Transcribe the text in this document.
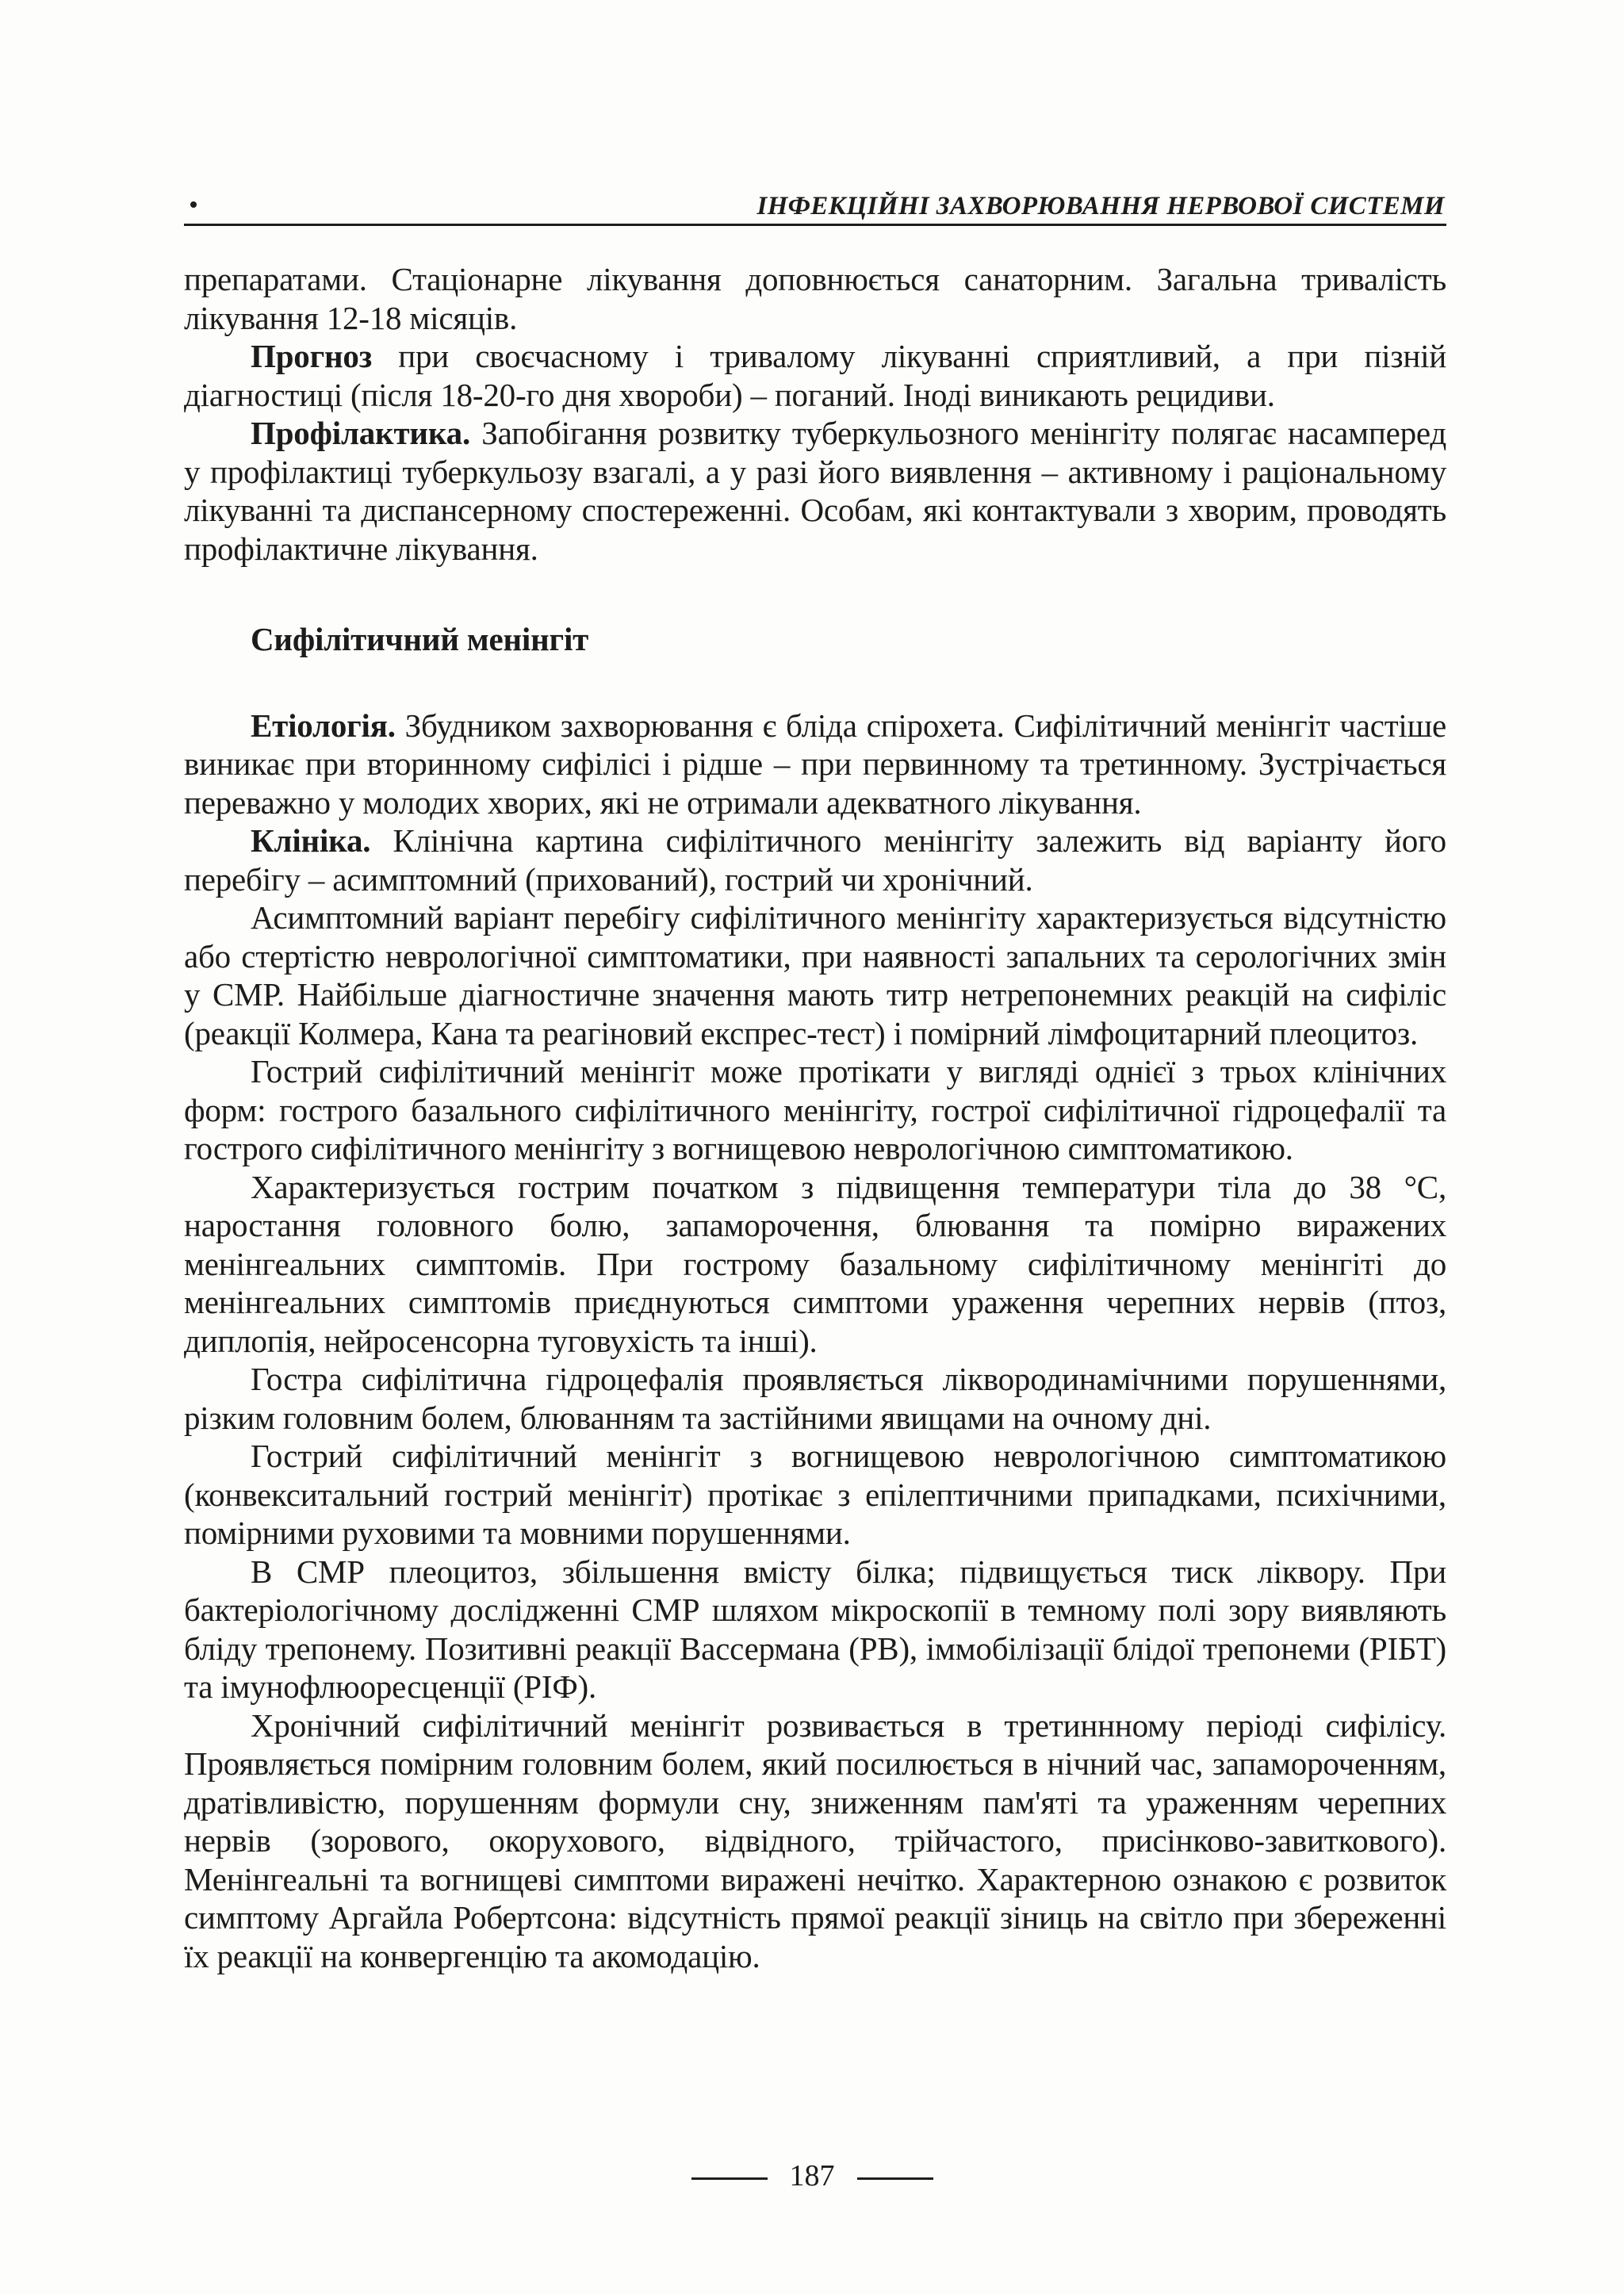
ІНФЕКЦІЙНІ ЗАХВОРЮВАННЯ НЕРВОВОЇ СИСТЕМИ

препаратами. Стаціонарне лікування доповнюється санаторним. Загальна тривалість лікування 12-18 місяців.

Прогноз при своєчасному і тривалому лікуванні сприятливий, а при пізній діагностиці (після 18-20-го дня хвороби) – поганий. Іноді виникають рецидиви.

Профілактика. Запобігання розвитку туберкульозного менінгіту полягає насамперед у профілактиці туберкульозу взагалі, а у разі його виявлення – активному і раціональному лікуванні та диспансерному спостереженні. Особам, які контактували з хворим, проводять профілактичне лікування.

Сифілітичний менінгіт

Етіологія. Збудником захворювання є бліда спірохета. Сифілітичний менінгіт частіше виникає при вторинному сифілісі і рідше – при первинному та третинному. Зустрічається переважно у молодих хворих, які не отримали адекватного лікування.

Клініка. Клінічна картина сифілітичного менінгіту залежить від варіанту його перебігу – асимптомний (прихований), гострий чи хронічний.

Асимптомний варіант перебігу сифілітичного менінгіту характеризується відсутністю або стертістю неврологічної симптоматики, при наявності запальних та серологічних змін у СМР. Найбільше діагностичне значення мають титр нетрепонемних реакцій на сифіліс (реакції Колмера, Кана та реагіновий експрес-тест) і помірний лімфоцитарний плеоцитоз.

Гострий сифілітичний менінгіт може протікати у вигляді однієї з трьох клінічних форм: гострого базального сифілітичного менінгіту, гострої сифілітичної гідроцефалії та гострого сифілітичного менінгіту з вогнищевою неврологічною симптоматикою.

Характеризується гострим початком з підвищення температури тіла до 38 °С, наростання головного болю, запаморочення, блювання та помірно виражених менінгеальних симптомів. При гострому базальному сифілітичному менінгіті до менінгеальних симптомів приєднуються симптоми ураження черепних нервів (птоз, диплопія, нейросенсорна туговухість та інші).

Гостра сифілітична гідроцефалія проявляється ліквородинамічними порушеннями, різким головним болем, блюванням та застійними явищами на очному дні.

Гострий сифілітичний менінгіт з вогнищевою неврологічною симптоматикою (конвекситальний гострий менінгіт) протікає з епілептичними припадками, психічними, помірними руховими та мовними порушеннями.

В СМР плеоцитоз, збільшення вмісту білка; підвищується тиск ліквору. При бактеріологічному дослідженні СМР шляхом мікроскопії в темному полі зору виявляють бліду трепонему. Позитивні реакції Вассермана (РВ), іммобілізації блідої трепонеми (РІБТ) та імунофлюоресценції (РІФ).

Хронічний сифілітичний менінгіт розвивається в третиннному періоді сифілісу. Проявляється помірним головним болем, який посилюється в нічний час, запамороченням, дратівливістю, порушенням формули сну, зниженням пам'яті та ураженням черепних нервів (зорового, окорухового, відвідного, трійчастого, присінково-завиткового). Менінгеальні та вогнищеві симптоми виражені нечітко. Характерною ознакою є розвиток симптому Аргайла Робертсона: відсутність прямої реакції зіниць на світло при збереженні їх реакції на конвергенцію та акомодацію.

187
